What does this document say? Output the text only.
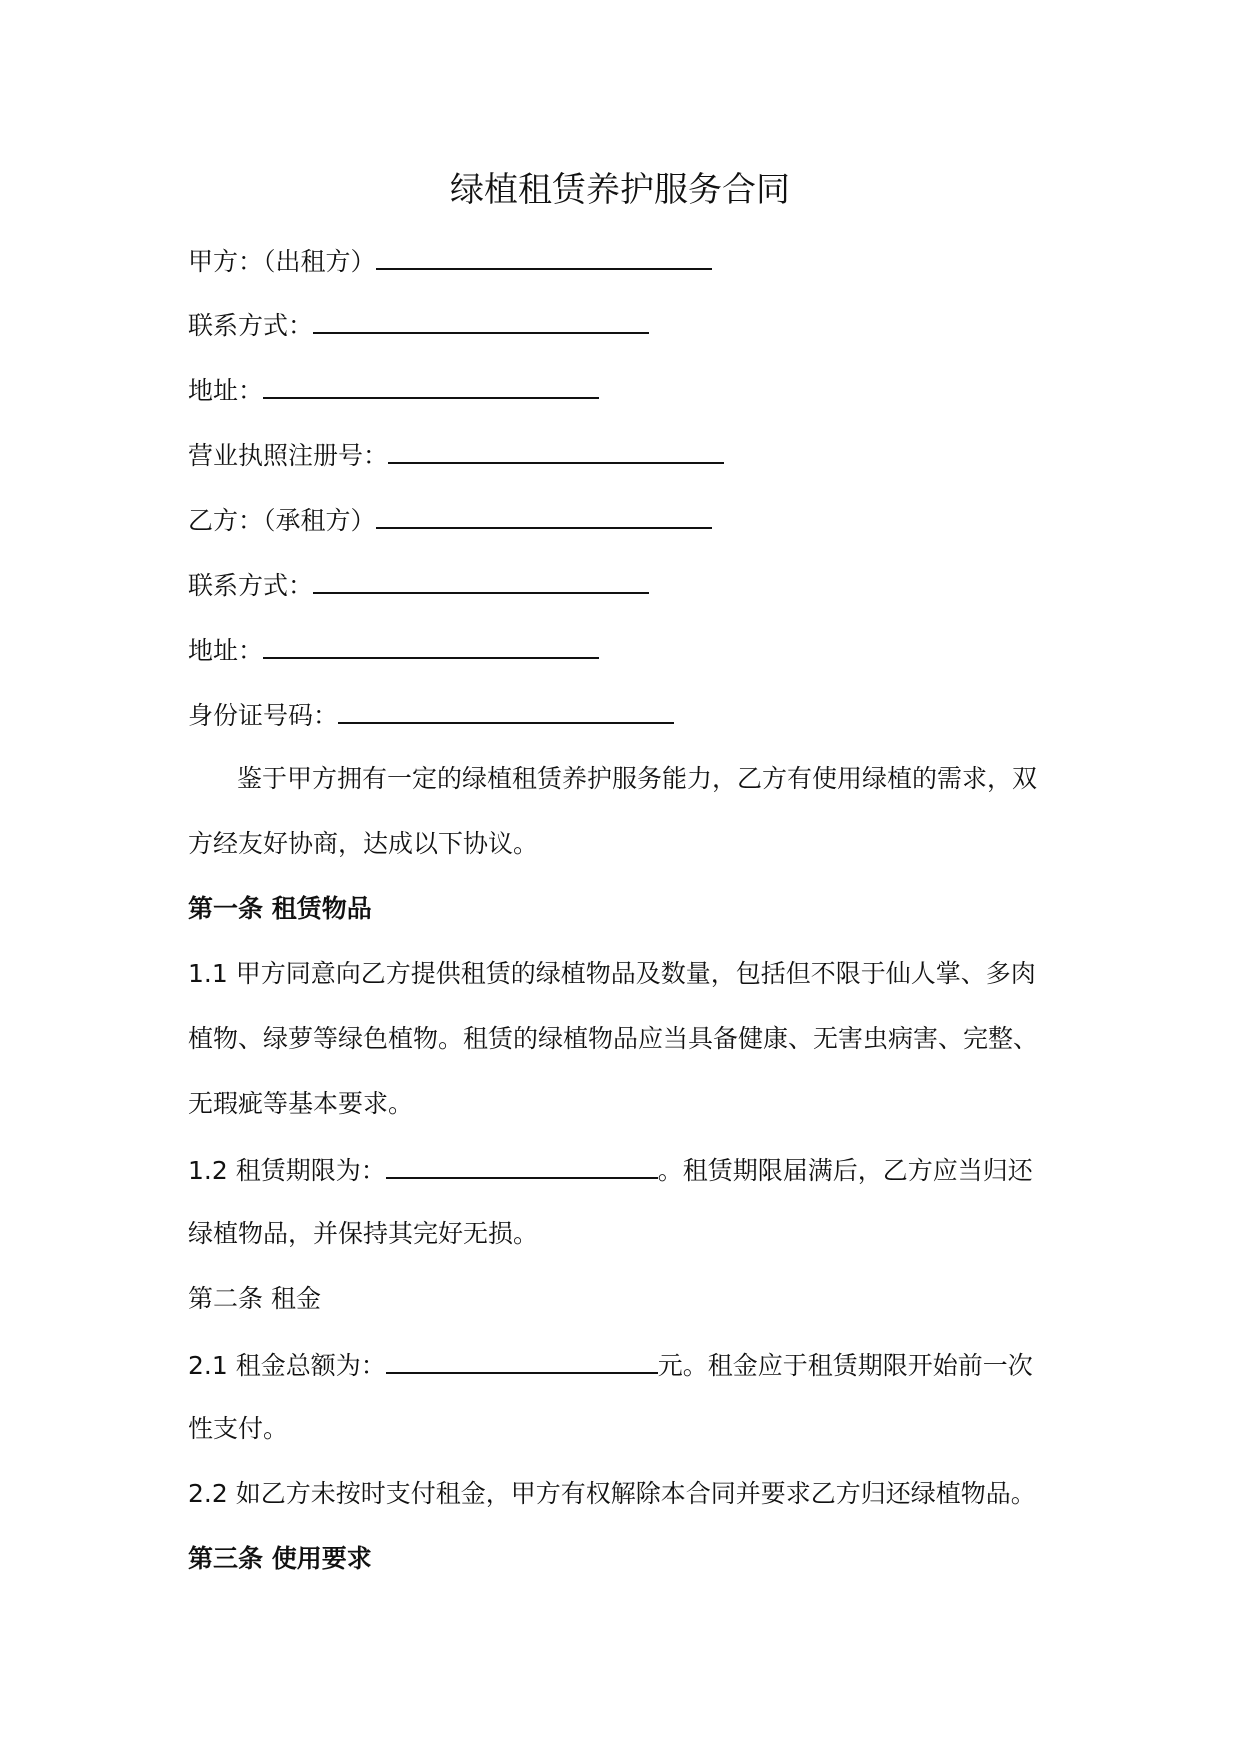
绿植租赁养护服务合同
甲方：（出租方）
联系方式：
地址：
营业执照注册号：
乙方：（承租方）
联系方式：
地址：
身份证号码：
鉴于甲方拥有一定的绿植租赁养护服务能力，乙方有使用绿植的需求，双
方经友好协商，达成以下协议。
第一条 租赁物品
1.1 甲方同意向乙方提供租赁的绿植物品及数量，包括但不限于仙人掌、多肉
植物、绿萝等绿色植物。租赁的绿植物品应当具备健康、无害虫病害、完整、
无瑕疵等基本要求。
1.2 租赁期限为：	。租赁期限届满后，乙方应当归还
绿植物品，并保持其完好无损。
第二条 租金
2.1 租金总额为：	元。租金应于租赁期限开始前一次
性支付。
2.2 如乙方未按时支付租金，甲方有权解除本合同并要求乙方归还绿植物品。
第三条 使用要求
